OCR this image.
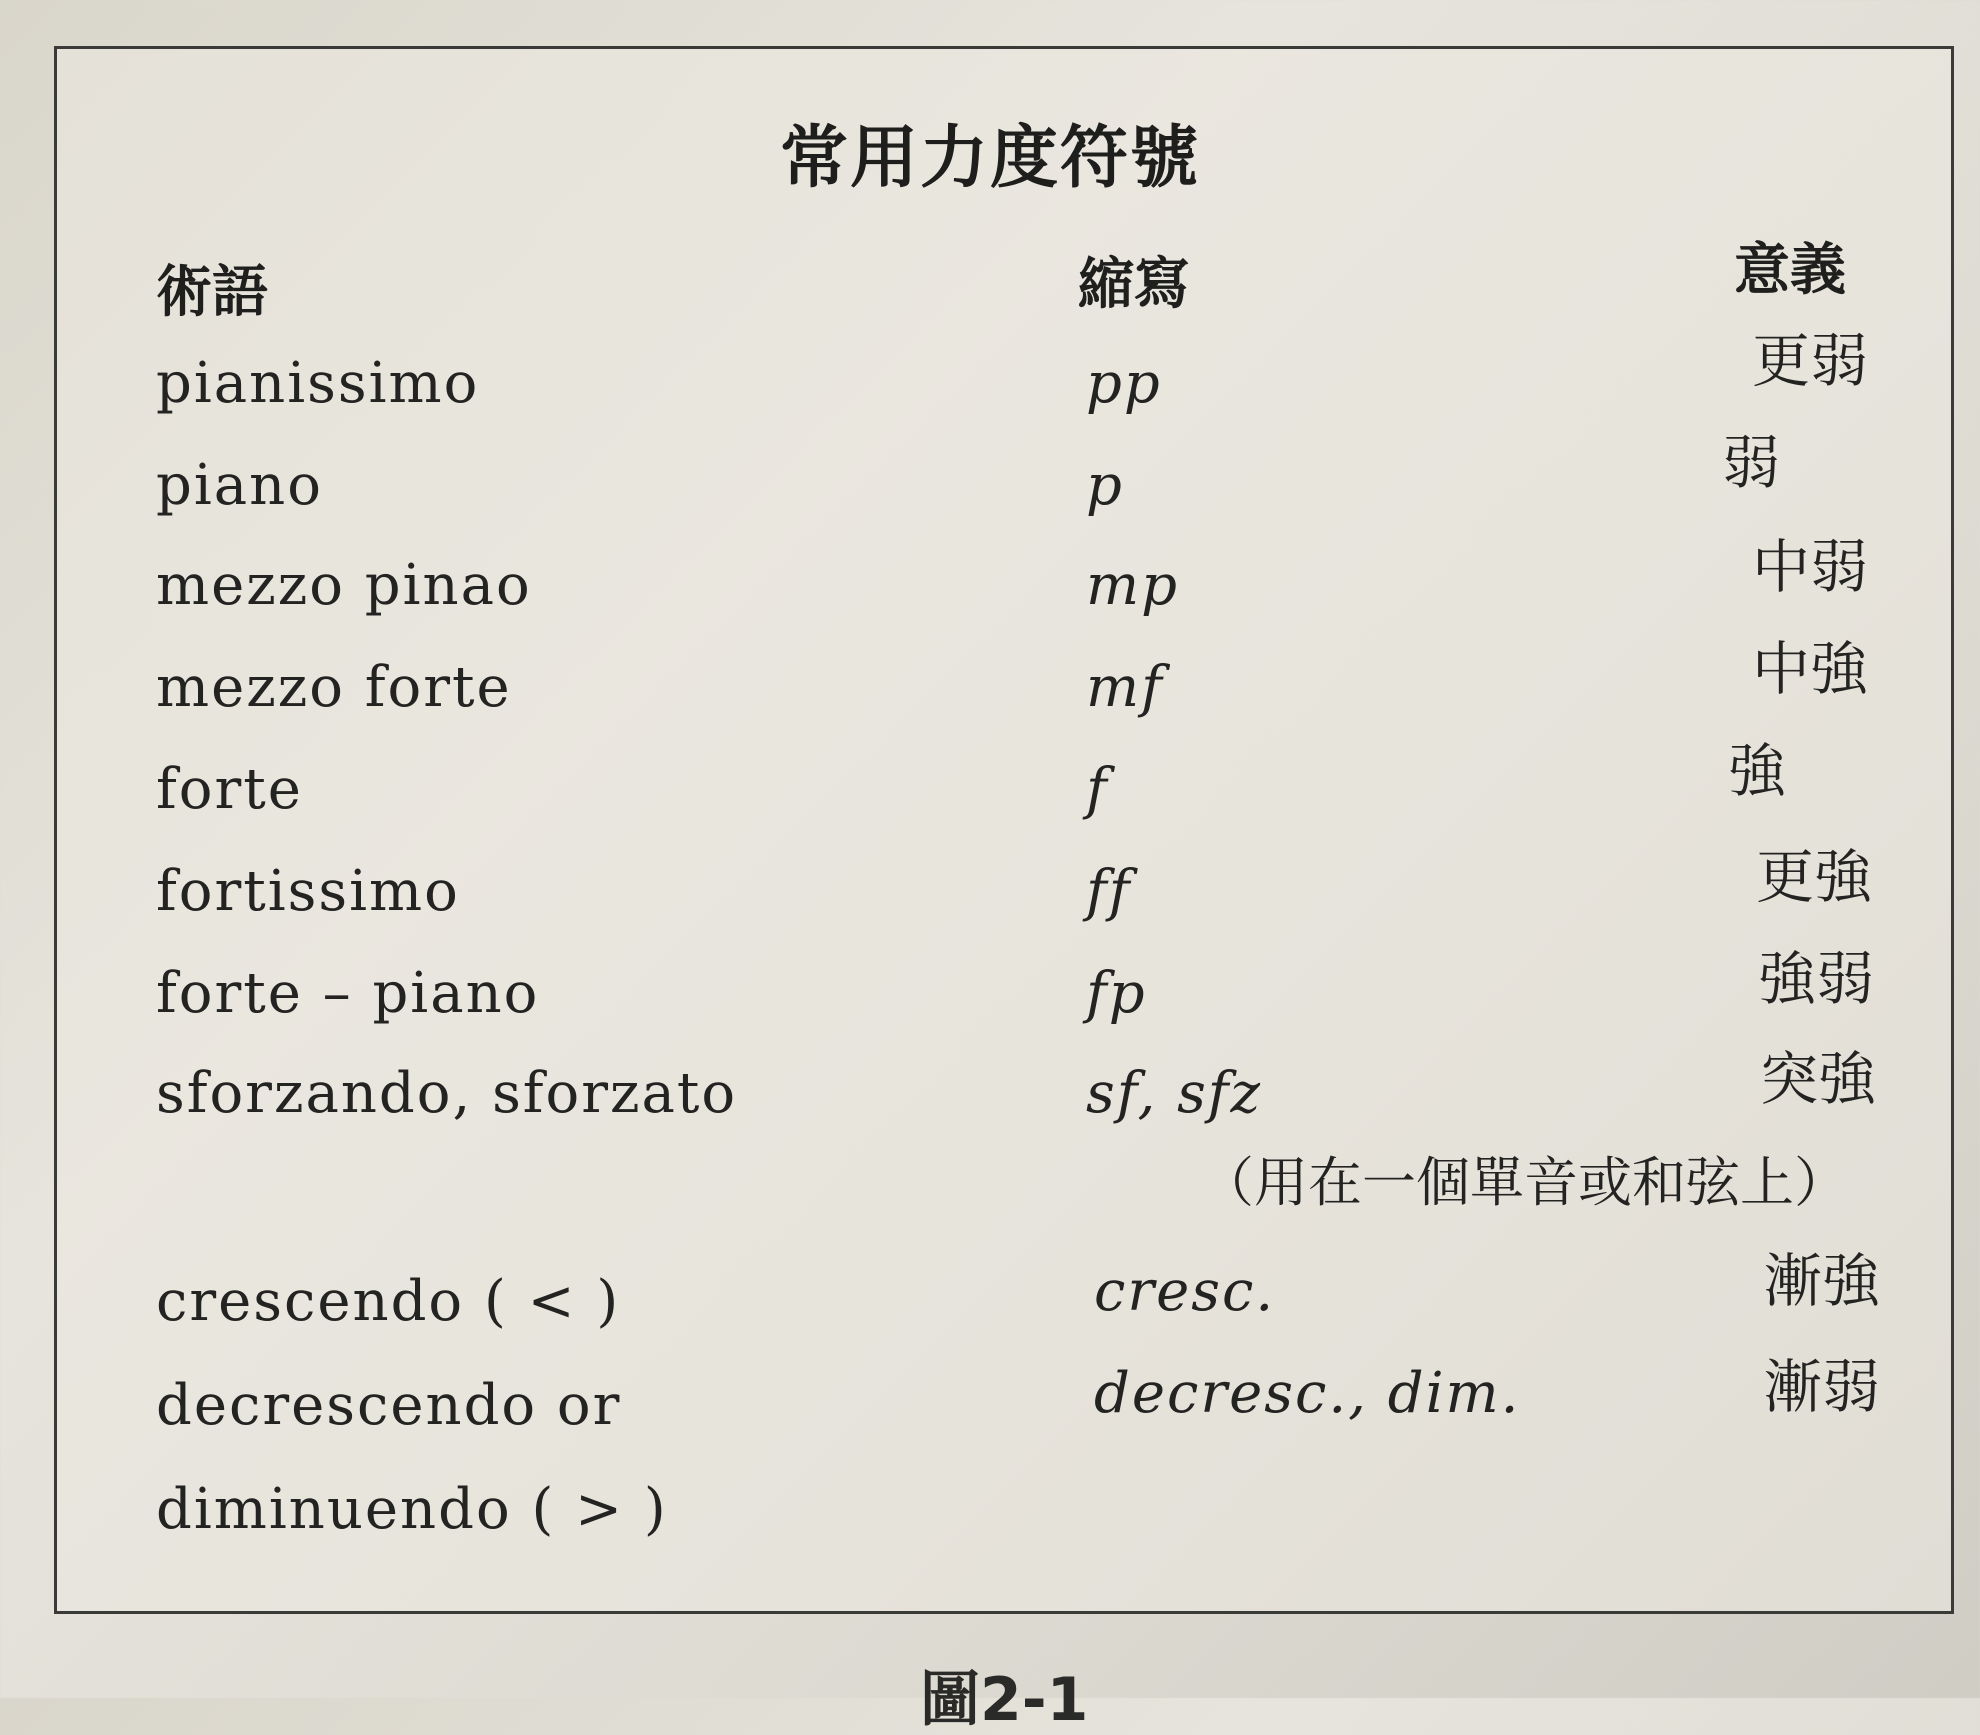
常用力度符號
術語	縮寫	意義
pianissimo	pp	更弱
piano	p	弱
mezzo pinao	mp	中弱
mezzo forte	mf	中強
forte	f	強
fortissimo	ff	更強
forte – piano	fp	強弱
sforzando, sforzato	sf, sfz	突強
（用在一個單音或和弦上）
crescendo ( < )	cresc.	漸強
decrescendo or	decresc., dim.	漸弱
diminuendo ( > )
圖2-1
